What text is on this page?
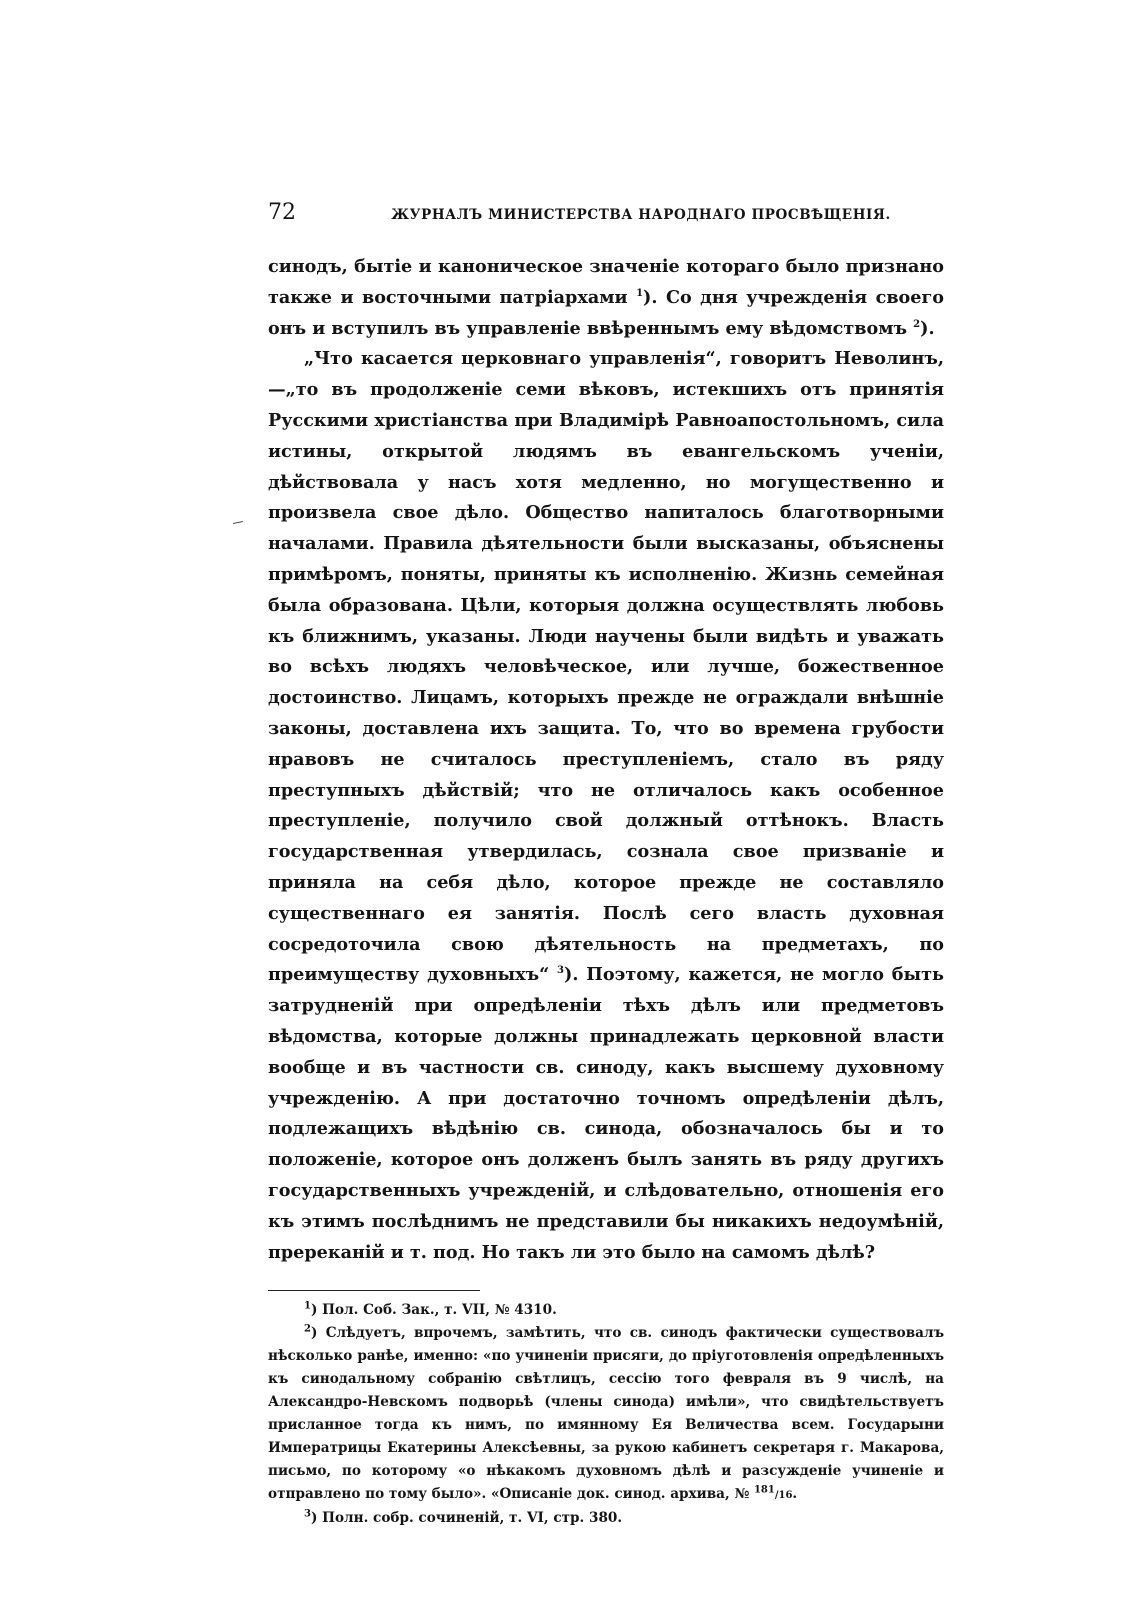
72	ЖУРНАЛЪ МИНИСТЕРСТВА НАРОДНАГО ПРОСВѢЩЕНІЯ.

синодъ, бытіе и каноническое значеніе котораго было признано также и восточными патріархами $^1$). Со дня учрежденія своего онъ и вступилъ въ управленіе ввѣреннымъ ему вѣдомствомъ $^2$).

„Что касается церковнаго управленія“, говоритъ Неволинъ,—„то въ продолженіе семи вѣковъ, истекшихъ отъ принятія Русскими христіанства при Владимірѣ Равноапостольномъ, сила истины, открытой людямъ въ евангельскомъ ученіи, дѣйствовала у насъ хотя медленно, но могущественно и произвела свое дѣло. Общество напиталось благотворными началами. Правила дѣятельности были высказаны, объяснены примѣромъ, поняты, приняты къ исполненію. Жизнь семейная была образована. Цѣли, которыя должна осуществлять любовь къ ближнимъ, указаны. Люди научены были видѣть и уважать во всѣхъ людяхъ человѣческое, или лучше, божественное достоинство. Лицамъ, которыхъ прежде не ограждали внѣшніе законы, доставлена ихъ защита. То, что во времена грубости нравовъ не считалось преступленіемъ, стало въ ряду преступныхъ дѣйствій; что не отличалось какъ особенное преступленіе, получило свой должный оттѣнокъ. Власть государственная утвердилась, сознала свое призваніе и приняла на себя дѣло, которое прежде не составляло существеннаго ея занятія. Послѣ сего власть духовная сосредоточила свою дѣятельность на предметахъ, по преимуществу духовныхъ“ $^3$). Поэтому, кажется, не могло быть затрудненій при опредѣленіи тѣхъ дѣлъ или предметовъ вѣдомства, которые должны принадлежать церковной власти вообще и въ частности св. синоду, какъ высшему духовному учрежденію. А при достаточно точномъ опредѣленіи дѣлъ, подлежащихъ вѣдѣнію св. синода, обозначалось бы и то положеніе, которое онъ долженъ былъ занять въ ряду другихъ государственныхъ учрежденій, и слѣдовательно, отношенія его къ этимъ послѣднимъ не представили бы никакихъ недоумѣній, пререканій и т. под. Но такъ ли это было на самомъ дѣлѣ?

$^1$) Пол. Соб. Зак., т. VII, № 4310.

$^2$) Слѣдуетъ, впрочемъ, замѣтить, что св. синодъ фактически существовалъ нѣсколько ранѣе, именно: «по учиненіи присяги, до пріуготовленія опредѣленныхъ къ синодальному собранію свѣтлицъ, сессію того февраля въ 9 числѣ, на Александро-Невскомъ подворьѣ (члены синода) имѣли», что свидѣтельствуетъ присланное тогда къ нимъ, по имянному Ея Величества всем. Государыни Императрицы Екатерины Алексѣевны, за рукою кабинетъ секретаря г. Макарова, письмо, по которому «о нѣкакомъ духовномъ дѣлѣ и разсужденіе учиненіе и отправлено по тому было». «Описаніе док. синод. архива, № $^{181}$/16.

$^3$) Полн. собр. сочиненій, т. VI, стр. 380.
